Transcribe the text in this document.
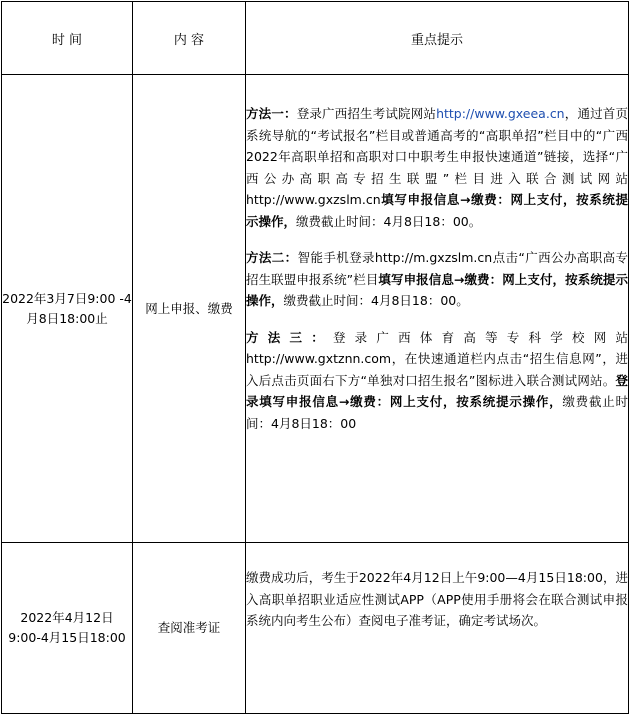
时 间	内 容	重点提示
2022年3月7日9:00 -4月8日18:00止	网上申报、缴费	方法一：登录广西招生考试院网站http://www.gxeea.cn，通过首页系统导航的“考试报名”栏目或普通高考的“高职单招”栏目中的“广西2022年高职单招和高职对口中职考生申报快速通道”链接，选择“广西公办高职高专招生联盟”栏目进入联合测试网站http://www.gxzslm.cn填写申报信息→缴费：网上支付，按系统提示操作，缴费截止时间：4月8日18：00。

方法二：智能手机登录http://m.gxzslm.cn点击“广西公办高职高专招生联盟申报系统”栏目填写申报信息→缴费：网上支付，按系统提示操作，缴费截止时间：4月8日18：00。

方法三：登录广西体育高等专科学校网站http://www.gxtznn.com，在快速通道栏内点击“招生信息网”，进入后点击页面右下方“单独对口招生报名”图标进入联合测试网站。登录填写申报信息→缴费：网上支付，按系统提示操作，缴费截止时间：4月8日18：00

2022年4月12日
9:00-4月15日18:00	查阅准考证	缴费成功后，考生于2022年4月12日上午9:00—4月15日18:00，进入高职单招职业适应性测试APP（APP使用手册将会在联合测试申报系统内向考生公布）查阅电子准考证，确定考试场次。
